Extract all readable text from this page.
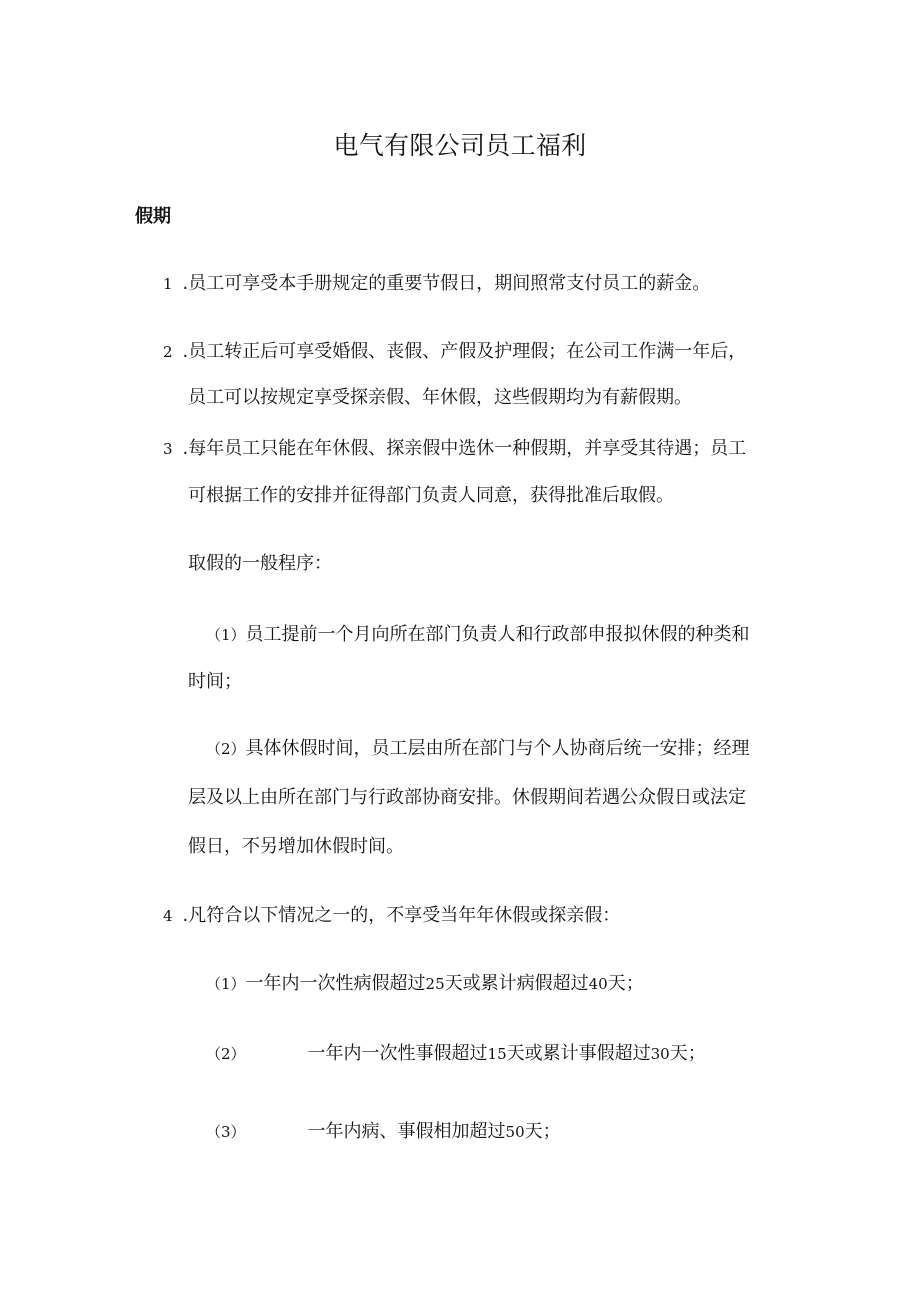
电气有限公司员工福利
假期
1 .员工可享受本手册规定的重要节假日，期间照常支付员工的薪金。
2 .员工转正后可享受婚假、丧假、产假及护理假；在公司工作满一年后，
员工可以按规定享受探亲假、年休假，这些假期均为有薪假期。
3 .每年员工只能在年休假、探亲假中选休一种假期，并享受其待遇；员工
可根据工作的安排并征得部门负责人同意，获得批准后取假。
取假的一般程序：
（1）员工提前一个月向所在部门负责人和行政部申报拟休假的种类和
时间；
（2）具体休假时间，员工层由所在部门与个人协商后统一安排；经理
层及以上由所在部门与行政部协商安排。休假期间若遇公众假日或法定
假日，不另增加休假时间。
4 .凡符合以下情况之一的，不享受当年年休假或探亲假：
（1）一年内一次性病假超过25天或累计病假超过40天；
（2）	一年内一次性事假超过15天或累计事假超过30天；
（3）	一年内病、事假相加超过50天；
